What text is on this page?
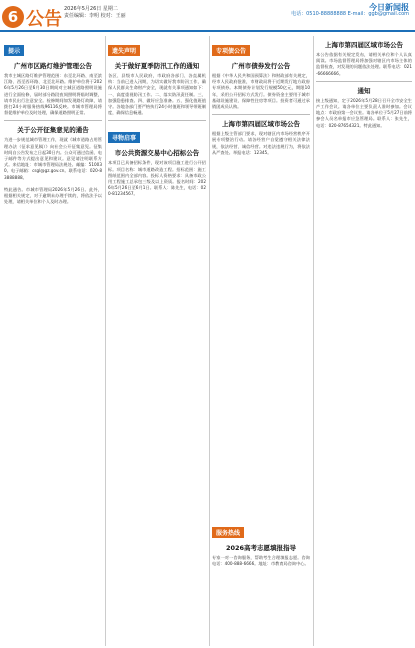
6 公告 2026年5月26日 星期二
责任编辑：李明 校对：王丽
今日新闻报
电话：0510-88888888 E-mail：ggb@gmail.com
提示
广州市区路灯维护管理公告
我市主城区路灯维护管理范围：东至北环路、南至滨江路、西至西环路、北至北环路。维护单位将于2026年5月26日至6月30日期间对主城区道路照明设施进行全面检修，届时部分路段夜间照明将临时调整，请市民出行注意安全。检修期间如发现路灯故障，请拨打24小时服务热线96116反映。市城市管理局将督促维护单位及时处理，确保道路照明正常。
关于公开征集意见的通告
为进一步规范城市管理工作，现就《城市道路占用管理办法（征求意见稿）》向社会公开征集意见。征集时间自公告发布之日起30日内。公众可通过信函、电子邮件等方式提出意见和建议。意见请注明联系方式。来信地址：市城市管理局法规处。邮编：510030。电子邮箱：csgl@gz.gov.cn。联系电话：020-83888888。
特此通告。市城市管理局2026年5月26日。此外，根据相关规定，对于逾期未办理手续的，将依法予以处理，请相关单位和个人及时办理。
遗失声明
关于做好夏季防汛工作的通知
各区、县级市人民政府，市政府各部门、各直属机构：当前已进入汛期，为切实做好我市防汛工作，确保人民群众生命财产安全，现就有关事项通知如下：一、高度重视防汛工作。二、落实防汛责任制。三、加强隐患排查。四、做好应急准备。五、强化值班值守。各地各部门要严格执行24小时值班和领导带班制度，确保信息畅通。
寻物启事
市公共资源交易中心招标公告
本项目已具备招标条件，现对该项目施工进行公开招标。项目名称：城市道路改造工程。招标范围：施工图纸范围内全部内容。投标人资格要求：具备市政公用工程施工总承包三级及以上资质。报名时间：2026年5月26日至6月1日。联系人：陈先生，电话：020-81234567。
专项债公告
广州市债券发行公告
根据《中华人民共和国预算法》和财政部有关规定，经市人民政府批准，市财政局将于近期发行地方政府专项债券。本期债券计划发行规模50亿元，期限10年，采用公开招标方式发行。债券资金主要用于城市基础设施建设、保障性住房等项目。投资者可通过承销团成员认购。
上海市第四届区域市场公告
根据上级主管部门要求，现对辖区内市场经营秩序开展专项整治行动。请各经营户自觉遵守相关法律法规，依法经营、诚信经营。对违法违规行为，将依法从严查处。举报电话：12345。
服务热线
2026高考志愿填报指导
专家一对一咨询服务，帮助考生合理填报志愿。咨询电话：400-888-6666。地址：市教育局咨询中心。
上海市第四届区域市场公告
本公告依据有关规定发布，请相关单位和个人认真阅读。市场监督管理局将加强对辖区内市场主体的监督检查，对发现的问题依法处理。联系电话：021-66666666。
通知
接上级通知，定于2026年5月28日召开全市安全生产工作会议。请各单位主要负责人准时参加。会议地点：市政府第一会议室。请各单位于5月27日前将参会人员名单报市应急管理局。联系人：张先生，电话：020-87654321。特此通知。
